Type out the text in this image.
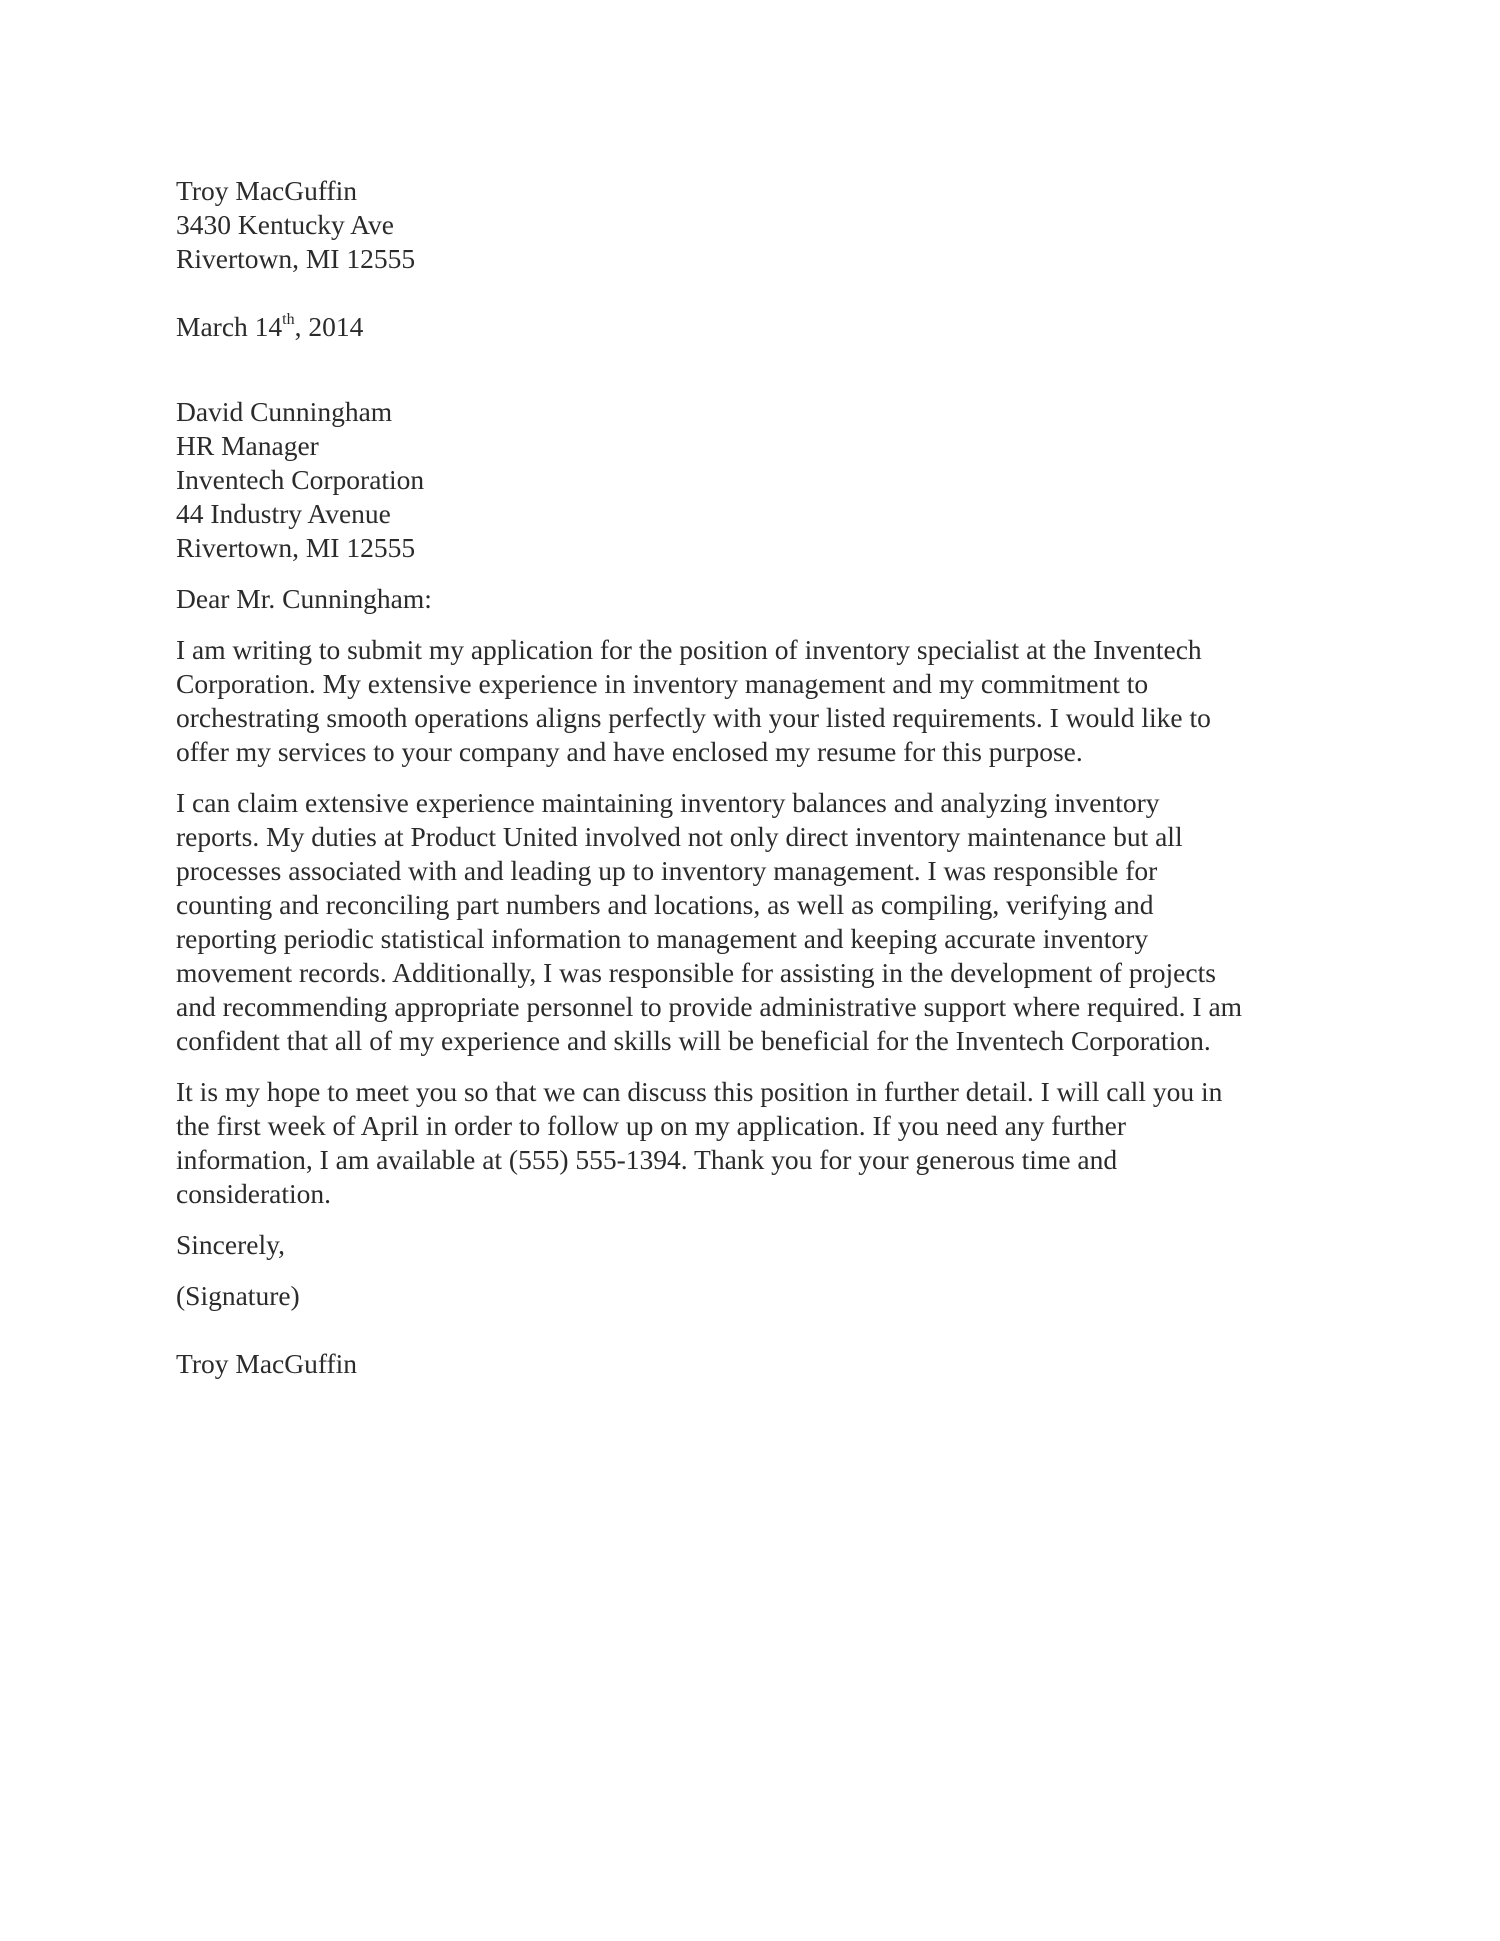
Troy MacGuffin
3430 Kentucky Ave
Rivertown, MI 12555
March 14th, 2014
David Cunningham
HR Manager
Inventech Corporation
44 Industry Avenue
Rivertown, MI 12555
Dear Mr. Cunningham:
I am writing to submit my application for the position of inventory specialist at the Inventech
Corporation. My extensive experience in inventory management and my commitment to
orchestrating smooth operations aligns perfectly with your listed requirements. I would like to
offer my services to your company and have enclosed my resume for this purpose.
I can claim extensive experience maintaining inventory balances and analyzing inventory
reports. My duties at Product United involved not only direct inventory maintenance but all
processes associated with and leading up to inventory management. I was responsible for
counting and reconciling part numbers and locations, as well as compiling, verifying and
reporting periodic statistical information to management and keeping accurate inventory
movement records. Additionally, I was responsible for assisting in the development of projects
and recommending appropriate personnel to provide administrative support where required. I am
confident that all of my experience and skills will be beneficial for the Inventech Corporation.
It is my hope to meet you so that we can discuss this position in further detail. I will call you in
the first week of April in order to follow up on my application. If you need any further
information, I am available at (555) 555-1394. Thank you for your generous time and
consideration.
Sincerely,
(Signature)
Troy MacGuffin
